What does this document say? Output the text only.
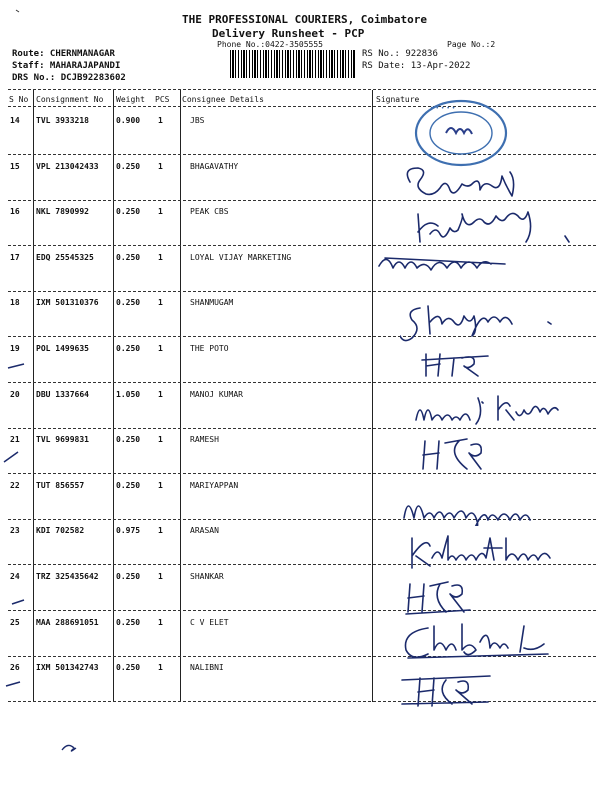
THE PROFESSIONAL COURIERS, Coimbatore
Delivery Runsheet - PCP
Phone No.:0422-3505555	Page No.:2
Route: CHERNMANAGAR
Staff: MAHARAJAPANDI
DRS No.: DCJB92283602
RS No.: 922836
RS Date: 13-Apr-2022
S No Consignment No Weight PCS Consignee Details	Signature
14 TVL 3933218	0.900 1	JBS
15 VPL 213042433 0.250 1	BHAGAVATHY
16 NKL 7890992	0.250 1	PEAK CBS
17 EDQ 25545325	0.250 1	LOYAL VIJAY MARKETING
18 IXM 501310376 0.250 1	SHANMUGAM
19 POL 1499635	0.250 1	THE POTO
20 DBU 1337664	1.050 1	MANOJ KUMAR
21 TVL 9699831	0.250 1	RAMESH
22 TUT 856557	0.250 1	MARIYAPPAN
23 KDI 702582	0.975 1	ARASAN
24 TRZ 325435642 0.250 1	SHANKAR
25 MAA 288691051 0.250 1	C V ELET
26 IXM 501342743 0.250 1	NALIBNI
• • • • •
